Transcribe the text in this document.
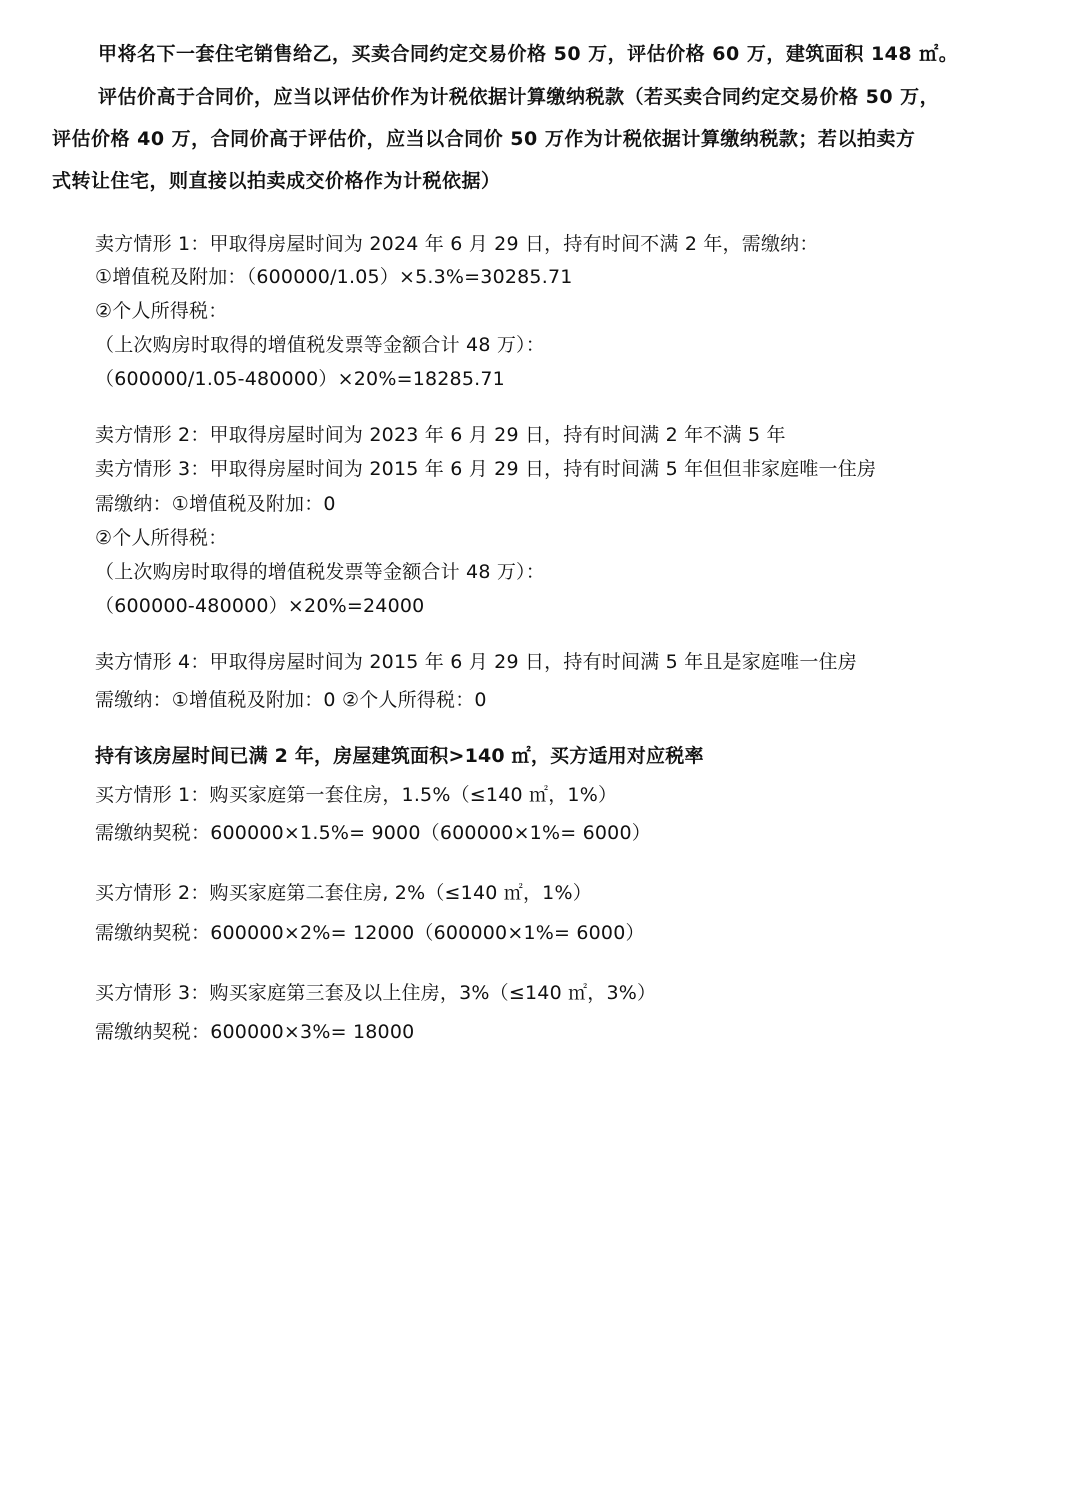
甲将名下一套住宅销售给乙，买卖合同约定交易价格 50 万，评估价格 60 万，建筑面积 148 ㎡。
评估价高于合同价，应当以评估价作为计税依据计算缴纳税款（若买卖合同约定交易价格 50 万，
评估价格 40 万，合同价高于评估价，应当以合同价 50 万作为计税依据计算缴纳税款；若以拍卖方
式转让住宅，则直接以拍卖成交价格作为计税依据）
卖方情形 1：甲取得房屋时间为 2024 年 6 月 29 日，持有时间不满 2 年，需缴纳：
①增值税及附加：（600000/1.05）×5.3%=30285.71
②个人所得税：
（上次购房时取得的增值税发票等金额合计 48 万）：
（600000/1.05-480000）×20%=18285.71
卖方情形 2：甲取得房屋时间为 2023 年 6 月 29 日，持有时间满 2 年不满 5 年
卖方情形 3：甲取得房屋时间为 2015 年 6 月 29 日，持有时间满 5 年但但非家庭唯一住房
需缴纳：①增值税及附加：0
②个人所得税：
（上次购房时取得的增值税发票等金额合计 48 万）：
（600000-480000）×20%=24000
卖方情形 4：甲取得房屋时间为 2015 年 6 月 29 日，持有时间满 5 年且是家庭唯一住房
需缴纳：①增值税及附加：0 ②个人所得税：0
持有该房屋时间已满 2 年，房屋建筑面积>140 ㎡，买方适用对应税率
买方情形 1：购买家庭第一套住房，1.5%（≤140 ㎡，1%）
需缴纳契税：600000×1.5%= 9000（600000×1%= 6000）
买方情形 2：购买家庭第二套住房, 2%（≤140 ㎡，1%）
需缴纳契税：600000×2%= 12000（600000×1%= 6000）
买方情形 3：购买家庭第三套及以上住房，3%（≤140 ㎡，3%）
需缴纳契税：600000×3%= 18000
